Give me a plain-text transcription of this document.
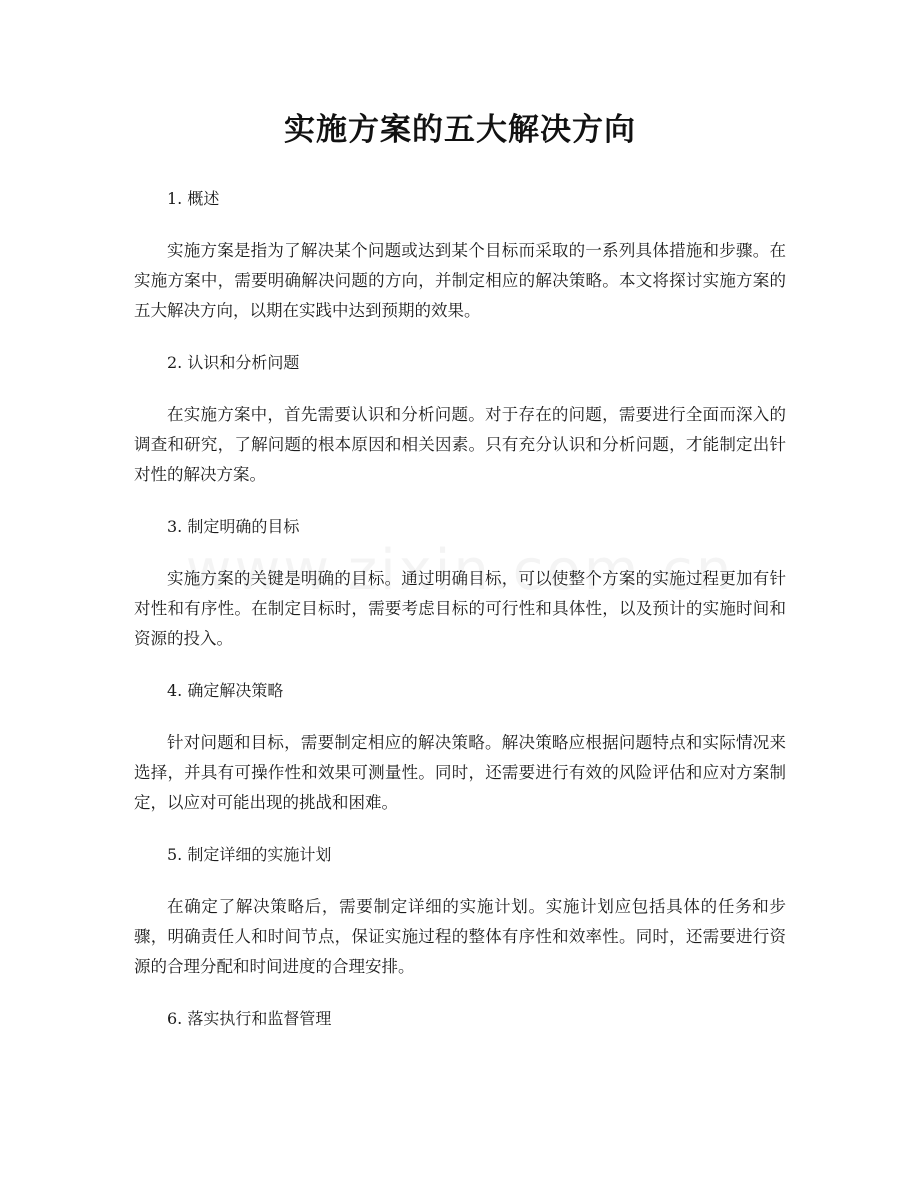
实施方案的五大解决方向

1. 概述

实施方案是指为了解决某个问题或达到某个目标而采取的一系列具体措施和步骤。在实施方案中，需要明确解决问题的方向，并制定相应的解决策略。本文将探讨实施方案的五大解决方向，以期在实践中达到预期的效果。

2. 认识和分析问题

在实施方案中，首先需要认识和分析问题。对于存在的问题，需要进行全面而深入的调查和研究，了解问题的根本原因和相关因素。只有充分认识和分析问题，才能制定出针对性的解决方案。

3. 制定明确的目标

实施方案的关键是明确的目标。通过明确目标，可以使整个方案的实施过程更加有针对性和有序性。在制定目标时，需要考虑目标的可行性和具体性，以及预计的实施时间和资源的投入。

4. 确定解决策略

针对问题和目标，需要制定相应的解决策略。解决策略应根据问题特点和实际情况来选择，并具有可操作性和效果可测量性。同时，还需要进行有效的风险评估和应对方案制定，以应对可能出现的挑战和困难。

5. 制定详细的实施计划

在确定了解决策略后，需要制定详细的实施计划。实施计划应包括具体的任务和步骤，明确责任人和时间节点，保证实施过程的整体有序性和效率性。同时，还需要进行资源的合理分配和时间进度的合理安排。

6. 落实执行和监督管理
